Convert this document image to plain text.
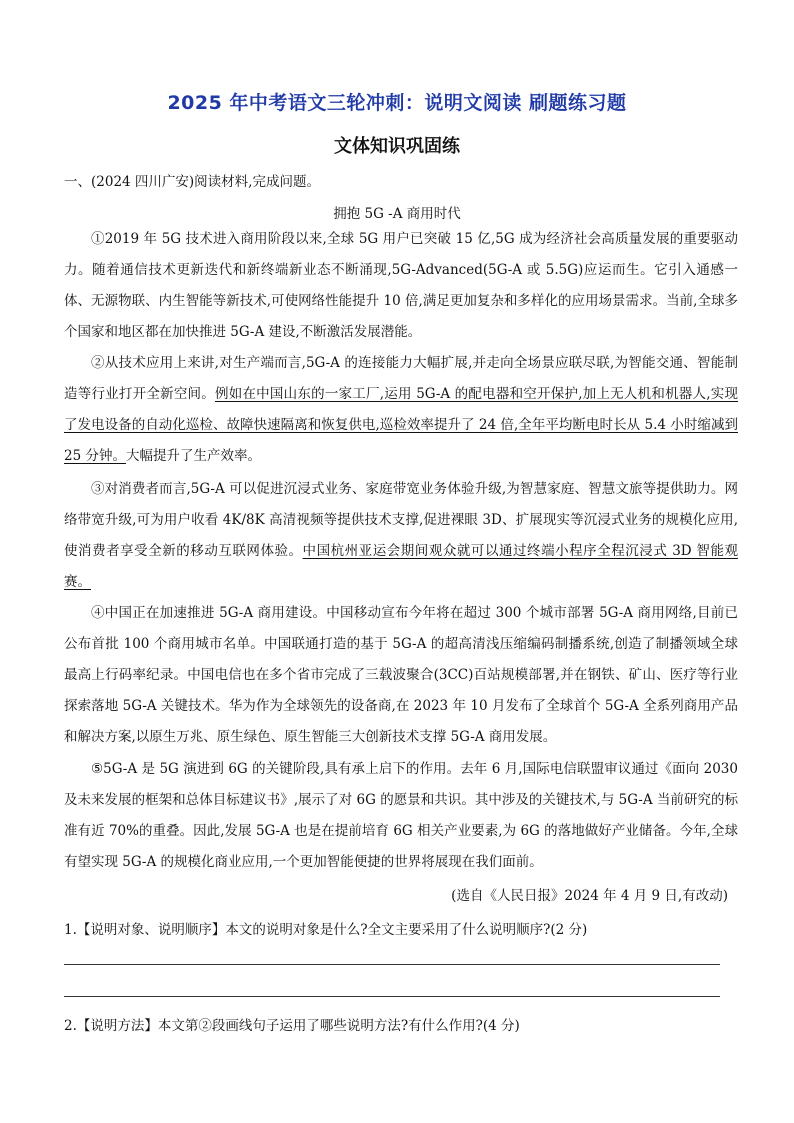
2025 年中考语文三轮冲刺：说明文阅读 刷题练习题
文体知识巩固练
一、(2024 四川广安)阅读材料,完成问题。
拥抱 5G -A 商用时代

①2019 年 5G 技术进入商用阶段以来,全球 5G 用户已突破 15 亿,5G 成为经济社会高质量发展的重要驱动力。随着通信技术更新迭代和新终端新业态不断涌现,5G-Advanced(5G-A 或 5.5G)应运而生。它引入通感一体、无源物联、内生智能等新技术,可使网络性能提升 10 倍,满足更加复杂和多样化的应用场景需求。当前,全球多个国家和地区都在加快推进 5G-A 建设,不断激活发展潜能。

②从技术应用上来讲,对生产端而言,5G-A 的连接能力大幅扩展,并走向全场景应联尽联,为智能交通、智能制造等行业打开全新空间。例如在中国山东的一家工厂,运用 5G-A 的配电器和空开保护,加上无人机和机器人,实现了发电设备的自动化巡检、故障快速隔离和恢复供电,巡检效率提升了 24 倍,全年平均断电时长从 5.4 小时缩减到 25 分钟。大幅提升了生产效率。

③对消费者而言,5G-A 可以促进沉浸式业务、家庭带宽业务体验升级,为智慧家庭、智慧文旅等提供助力。网络带宽升级,可为用户收看 4K/8K 高清视频等提供技术支撑,促进裸眼 3D、扩展现实等沉浸式业务的规模化应用,使消费者享受全新的移动互联网体验。中国杭州亚运会期间观众就可以通过终端小程序全程沉浸式 3D 智能观赛。

④中国正在加速推进 5G-A 商用建设。中国移动宣布今年将在超过 300 个城市部署 5G-A 商用网络,目前已公布首批 100 个商用城市名单。中国联通打造的基于 5G-A 的超高清浅压缩编码制播系统,创造了制播领域全球最高上行码率纪录。中国电信也在多个省市完成了三载波聚合(3CC)百站规模部署,并在钢铁、矿山、医疗等行业探索落地 5G-A 关键技术。华为作为全球领先的设备商,在 2023 年 10 月发布了全球首个 5G-A 全系列商用产品和解决方案,以原生万兆、原生绿色、原生智能三大创新技术支撑 5G-A 商用发展。

⑤5G-A 是 5G 演进到 6G 的关键阶段,具有承上启下的作用。去年 6 月,国际电信联盟审议通过《面向 2030 及未来发展的框架和总体目标建议书》,展示了对 6G 的愿景和共识。其中涉及的关键技术,与 5G-A 当前研究的标准有近 70%的重叠。因此,发展 5G-A 也是在提前培育 6G 相关产业要素,为 6G 的落地做好产业储备。今年,全球有望实现 5G-A 的规模化商业应用,一个更加智能便捷的世界将展现在我们面前。

(选自《人民日报》2024 年 4 月 9 日,有改动)
1.【说明对象、说明顺序】本文的说明对象是什么?全文主要采用了什么说明顺序?(2 分)
2.【说明方法】本文第②段画线句子运用了哪些说明方法?有什么作用?(4 分)
